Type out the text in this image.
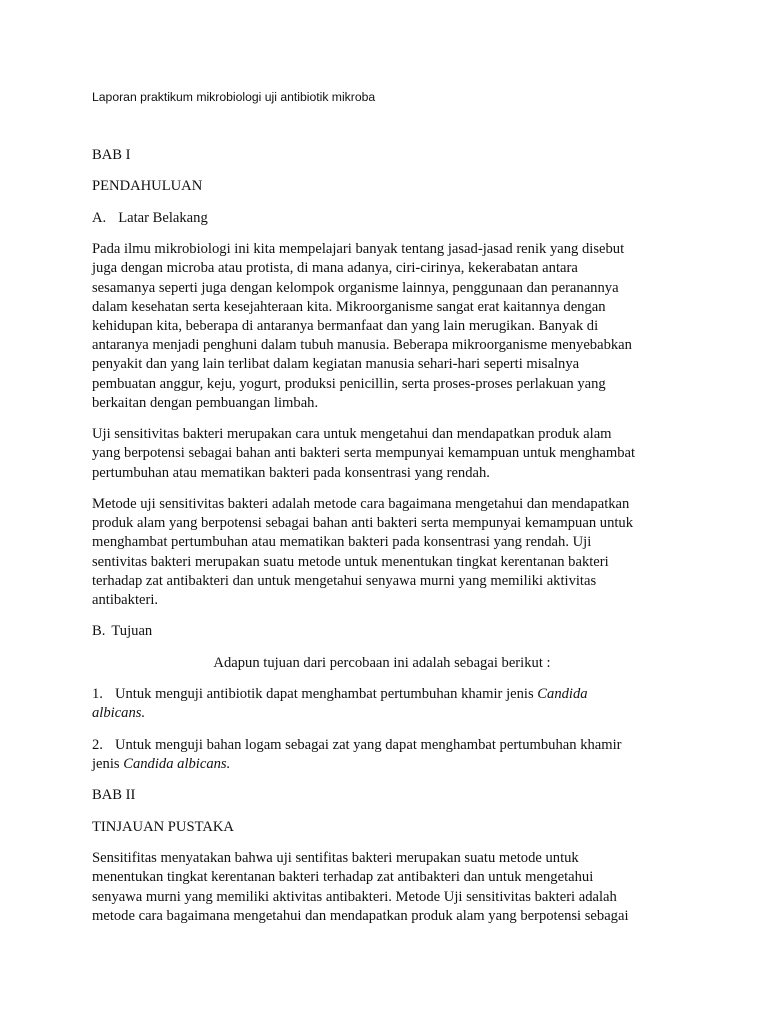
Laporan praktikum mikrobiologi uji antibiotik mikroba

BAB I

PENDAHULUAN

A. Latar Belakang

Pada ilmu mikrobiologi ini kita mempelajari banyak tentang jasad-jasad renik yang disebut
juga dengan microba atau protista, di mana adanya, ciri-cirinya, kekerabatan antara
sesamanya seperti juga dengan kelompok organisme lainnya, penggunaan dan peranannya
dalam kesehatan serta kesejahteraan kita. Mikroorganisme sangat erat kaitannya dengan
kehidupan kita, beberapa di antaranya bermanfaat dan yang lain merugikan. Banyak di
antaranya menjadi penghuni dalam tubuh manusia. Beberapa mikroorganisme menyebabkan
penyakit dan yang lain terlibat dalam kegiatan manusia sehari-hari seperti misalnya
pembuatan anggur, keju, yogurt, produksi penicillin, serta proses-proses perlakuan yang
berkaitan dengan pembuangan limbah.

Uji sensitivitas bakteri merupakan cara untuk mengetahui dan mendapatkan produk alam
yang berpotensi sebagai bahan anti bakteri serta mempunyai kemampuan untuk menghambat
pertumbuhan atau mematikan bakteri pada konsentrasi yang rendah.

Metode uji sensitivitas bakteri adalah metode cara bagaimana mengetahui dan mendapatkan
produk alam yang berpotensi sebagai bahan anti bakteri serta mempunyai kemampuan untuk
menghambat pertumbuhan atau mematikan bakteri pada konsentrasi yang rendah. Uji
sentivitas bakteri merupakan suatu metode untuk menentukan tingkat kerentanan bakteri
terhadap zat antibakteri dan untuk mengetahui senyawa murni yang memiliki aktivitas
antibakteri.

B. Tujuan

Adapun tujuan dari percobaan ini adalah sebagai berikut :

1. Untuk menguji antibiotik dapat menghambat pertumbuhan khamir jenis Candida
albicans.

2. Untuk menguji bahan logam sebagai zat yang dapat menghambat pertumbuhan khamir
jenis Candida albicans.

BAB II

TINJAUAN PUSTAKA

Sensitifitas menyatakan bahwa uji sentifitas bakteri merupakan suatu metode untuk
menentukan tingkat kerentanan bakteri terhadap zat antibakteri dan untuk mengetahui
senyawa murni yang memiliki aktivitas antibakteri. Metode Uji sensitivitas bakteri adalah
metode cara bagaimana mengetahui dan mendapatkan produk alam yang berpotensi sebagai
